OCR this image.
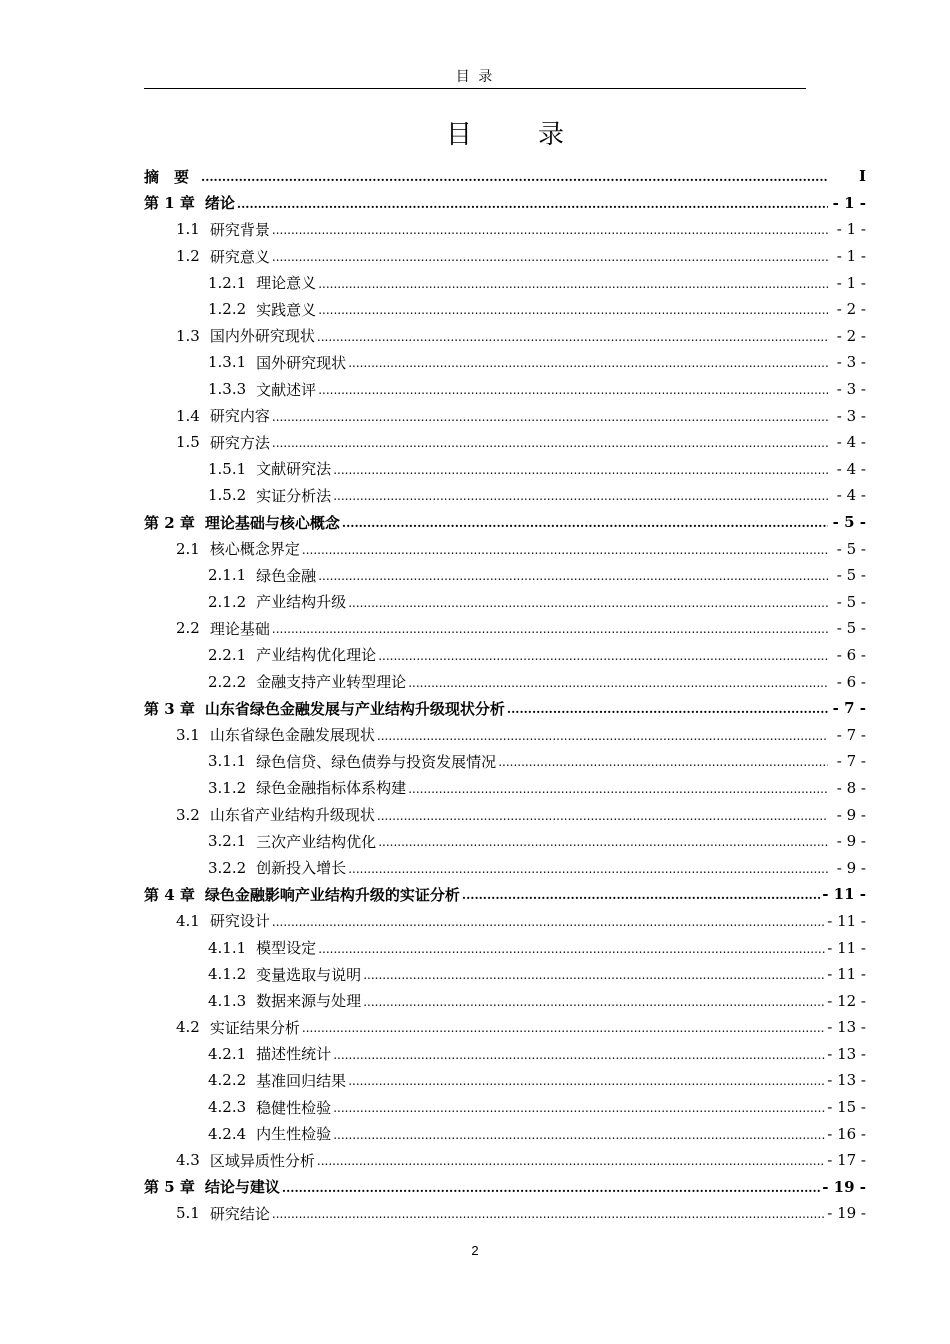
目 录
目　录
摘　要 .....	I
第 1 章 绪论 .....	- 1 -
1.1 研究背景 .....	- 1 -
1.2 研究意义 .....	- 1 -
1.2.1 理论意义 .....	- 1 -
1.2.2 实践意义 .....	- 2 -
1.3 国内外研究现状 .....	- 2 -
1.3.1 国外研究现状 .....	- 3 -
1.3.3 文献述评 .....	- 3 -
1.4 研究内容 .....	- 3 -
1.5 研究方法 .....	- 4 -
1.5.1 文献研究法 .....	- 4 -
1.5.2 实证分析法 .....	- 4 -
第 2 章 理论基础与核心概念 .....	- 5 -
2.1 核心概念界定 .....	- 5 -
2.1.1 绿色金融 .....	- 5 -
2.1.2 产业结构升级 .....	- 5 -
2.2 理论基础 .....	- 5 -
2.2.1 产业结构优化理论 .....	- 6 -
2.2.2 金融支持产业转型理论 .....	- 6 -
第 3 章 山东省绿色金融发展与产业结构升级现状分析 .....	- 7 -
3.1 山东省绿色金融发展现状 .....	- 7 -
3.1.1 绿色信贷、绿色债券与投资发展情况 .....	- 7 -
3.1.2 绿色金融指标体系构建 .....	- 8 -
3.2 山东省产业结构升级现状 .....	- 9 -
3.2.1 三次产业结构优化 .....	- 9 -
3.2.2 创新投入增长 .....	- 9 -
第 4 章 绿色金融影响产业结构升级的实证分析 .....	- 11 -
4.1 研究设计 .....	- 11 -
4.1.1 模型设定 .....	- 11 -
4.1.2 变量选取与说明 .....	- 11 -
4.1.3 数据来源与处理 .....	- 12 -
4.2 实证结果分析 .....	- 13 -
4.2.1 描述性统计 .....	- 13 -
4.2.2 基准回归结果 .....	- 13 -
4.2.3 稳健性检验 .....	- 15 -
4.2.4 内生性检验 .....	- 16 -
4.3 区域异质性分析 .....	- 17 -
第 5 章 结论与建议 .....	- 19 -
5.1 研究结论 .....	- 19 -
2
